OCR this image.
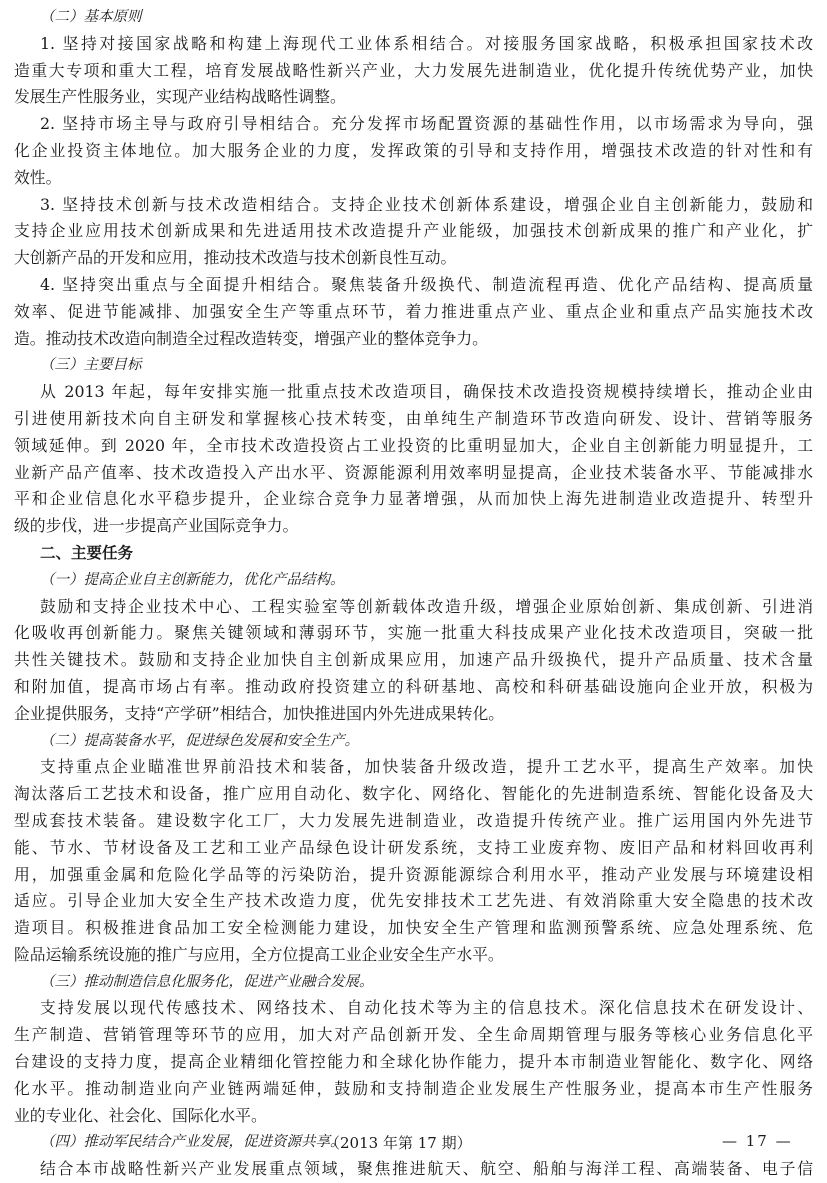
（二）基本原则
1. 坚持对接国家战略和构建上海现代工业体系相结合。对接服务国家战略，积极承担国家技术改
造重大专项和重大工程，培育发展战略性新兴产业，大力发展先进制造业，优化提升传统优势产业，加快
发展生产性服务业，实现产业结构战略性调整。
2. 坚持市场主导与政府引导相结合。充分发挥市场配置资源的基础性作用，以市场需求为导向，强
化企业投资主体地位。加大服务企业的力度，发挥政策的引导和支持作用，增强技术改造的针对性和有
效性。
3. 坚持技术创新与技术改造相结合。支持企业技术创新体系建设，增强企业自主创新能力，鼓励和
支持企业应用技术创新成果和先进适用技术改造提升产业能级，加强技术创新成果的推广和产业化，扩
大创新产品的开发和应用，推动技术改造与技术创新良性互动。
4. 坚持突出重点与全面提升相结合。聚焦装备升级换代、制造流程再造、优化产品结构、提高质量
效率、促进节能减排、加强安全生产等重点环节，着力推进重点产业、重点企业和重点产品实施技术改
造。推动技术改造向制造全过程改造转变，增强产业的整体竞争力。
（三）主要目标
从 2013 年起，每年安排实施一批重点技术改造项目，确保技术改造投资规模持续增长，推动企业由
引进使用新技术向自主研发和掌握核心技术转变，由单纯生产制造环节改造向研发、设计、营销等服务
领域延伸。到 2020 年，全市技术改造投资占工业投资的比重明显加大，企业自主创新能力明显提升，工
业新产品产值率、技术改造投入产出水平、资源能源利用效率明显提高，企业技术装备水平、节能减排水
平和企业信息化水平稳步提升，企业综合竞争力显著增强，从而加快上海先进制造业改造提升、转型升
级的步伐，进一步提高产业国际竞争力。
二、主要任务
（一）提高企业自主创新能力，优化产品结构。
鼓励和支持企业技术中心、工程实验室等创新载体改造升级，增强企业原始创新、集成创新、引进消
化吸收再创新能力。聚焦关键领域和薄弱环节，实施一批重大科技成果产业化技术改造项目，突破一批
共性关键技术。鼓励和支持企业加快自主创新成果应用，加速产品升级换代，提升产品质量、技术含量
和附加值，提高市场占有率。推动政府投资建立的科研基地、高校和科研基础设施向企业开放，积极为
企业提供服务，支持“产学研”相结合，加快推进国内外先进成果转化。
（二）提高装备水平，促进绿色发展和安全生产。
支持重点企业瞄准世界前沿技术和装备，加快装备升级改造，提升工艺水平，提高生产效率。加快
淘汰落后工艺技术和设备，推广应用自动化、数字化、网络化、智能化的先进制造系统、智能化设备及大
型成套技术装备。建设数字化工厂，大力发展先进制造业，改造提升传统产业。推广运用国内外先进节
能、节水、节材设备及工艺和工业产品绿色设计研发系统，支持工业废弃物、废旧产品和材料回收再利
用，加强重金属和危险化学品等的污染防治，提升资源能源综合利用水平，推动产业发展与环境建设相
适应。引导企业加大安全生产技术改造力度，优先安排技术工艺先进、有效消除重大安全隐患的技术改
造项目。积极推进食品加工安全检测能力建设，加快安全生产管理和监测预警系统、应急处理系统、危
险品运输系统设施的推广与应用，全方位提高工业企业安全生产水平。
（三）推动制造信息化服务化，促进产业融合发展。
支持发展以现代传感技术、网络技术、自动化技术等为主的信息技术。深化信息技术在研发设计、
生产制造、营销管理等环节的应用，加大对产品创新开发、全生命周期管理与服务等核心业务信息化平
台建设的支持力度，提高企业精细化管控能力和全球化协作能力，提升本市制造业智能化、数字化、网络
化水平。推动制造业向产业链两端延伸，鼓励和支持制造企业发展生产性服务业，提高本市生产性服务
业的专业化、社会化、国际化水平。
（四）推动军民结合产业发展，促进资源共享。
结合本市战略性新兴产业发展重点领域，聚焦推进航天、航空、船舶与海洋工程、高端装备、电子信
（2013 年第 17 期）	— 17 —
